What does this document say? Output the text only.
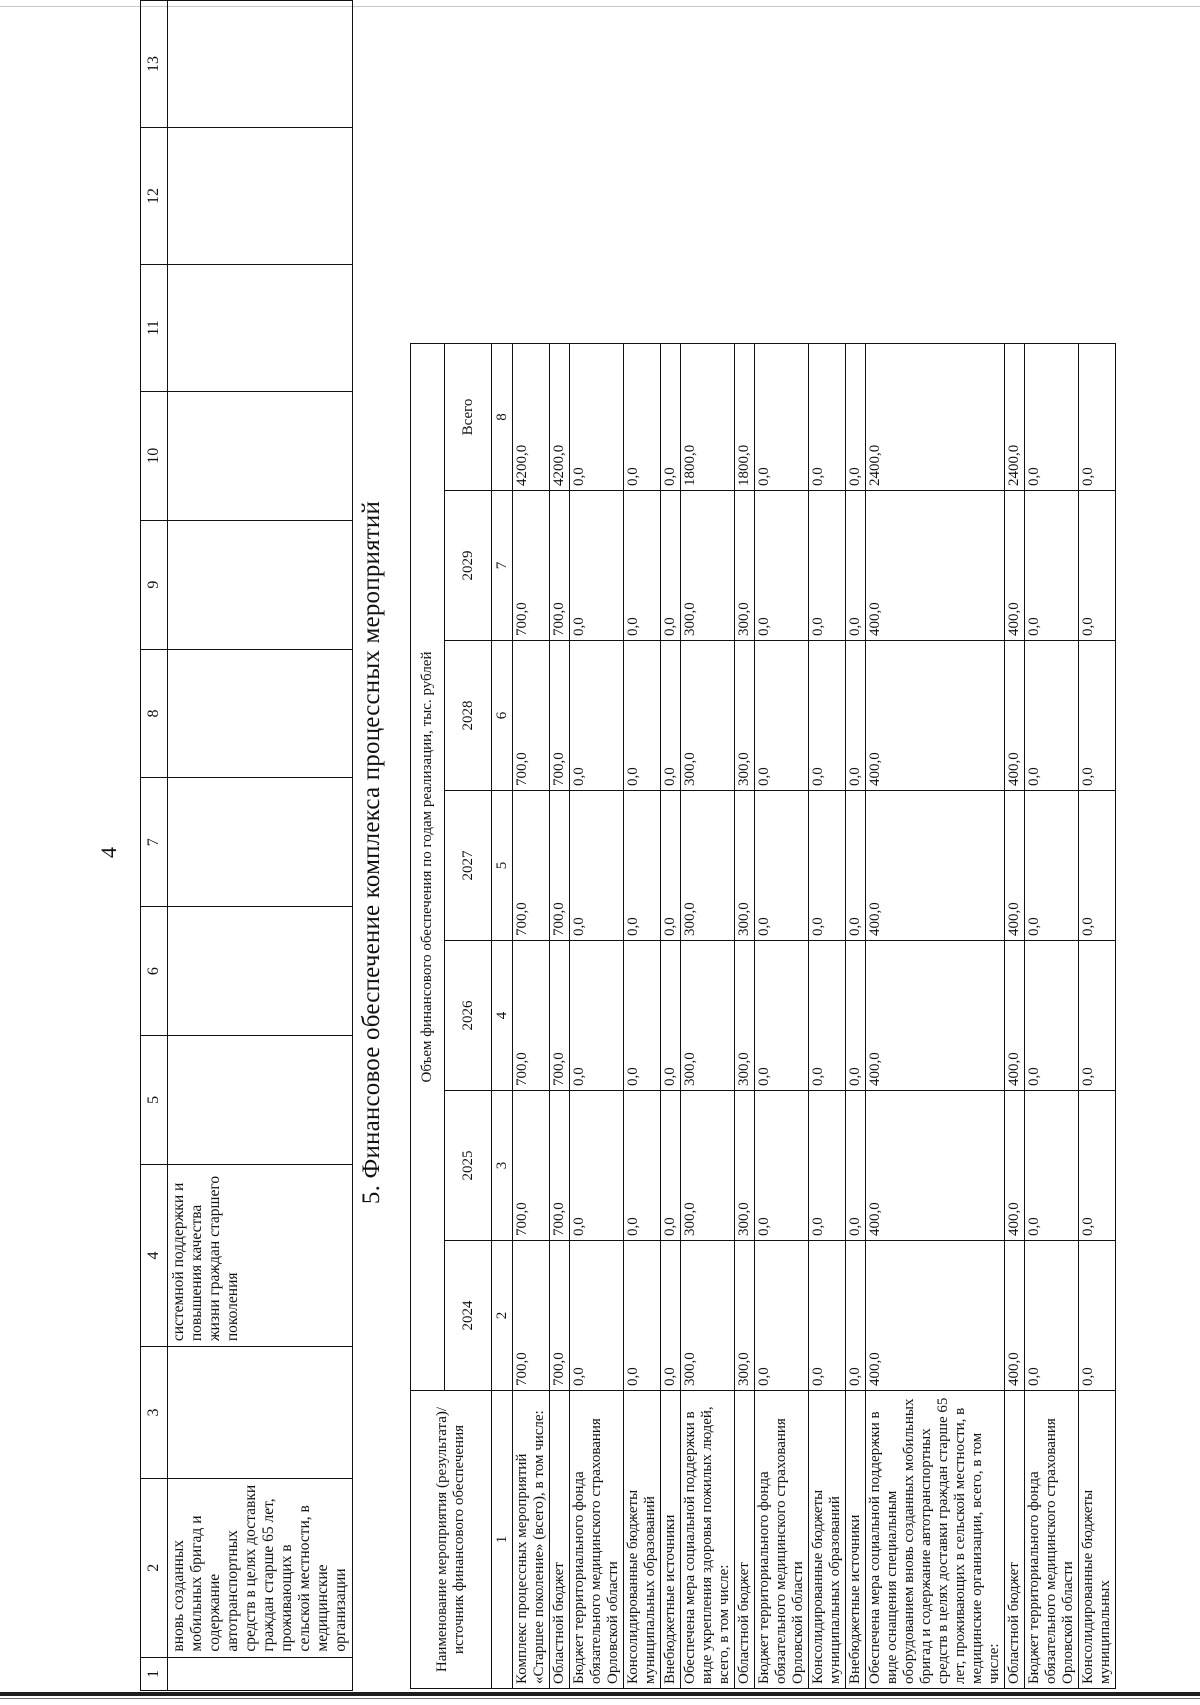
4
1	2	3	4	5	6	7	8	9	10	11	12	13
	вновь созданных мобильных бригад и содержание автотранспортных средств в целях доставки граждан старше 65 лет, проживающих в сельской местности, в медицинские организации		системной поддержки и повышения качества жизни граждан старшего поколения									
5. Финансовое обеспечение комплекса процессных мероприятий
Наименование мероприятия (результата)/источник финансового обеспечения	Объем финансового обеспечения по годам реализации, тыс. рублей						
	2024	2025	2026	2027	2028	2029	Всего
1	2	3	4	5	6	7	8
Комплекс процессных мероприятий «Старшее поколение» (всего), в том числе:	700,0	700,0	700,0	700,0	700,0	700,0	4200,0
Областной бюджет	700,0	700,0	700,0	700,0	700,0	700,0	4200,0
Бюджет территориального фонда обязательного медицинского страхования Орловской области	0,0	0,0	0,0	0,0	0,0	0,0	0,0
Консолидированные бюджеты муниципальных образований	0,0	0,0	0,0	0,0	0,0	0,0	0,0
Внебюджетные источники	0,0	0,0	0,0	0,0	0,0	0,0	0,0
Обеспечена мера социальной поддержки в виде укрепления здоровья пожилых людей, всего, в том числе:	300,0	300,0	300,0	300,0	300,0	300,0	1800,0
Областной бюджет	300,0	300,0	300,0	300,0	300,0	300,0	1800,0
Бюджет территориального фонда обязательного медицинского страхования Орловской области	0,0	0,0	0,0	0,0	0,0	0,0	0,0
Консолидированные бюджеты муниципальных образований	0,0	0,0	0,0	0,0	0,0	0,0	0,0
Внебюджетные источники	0,0	0,0	0,0	0,0	0,0	0,0	0,0
Обеспечена мера социальной поддержки в виде оснащения специальным оборудованием вновь созданных мобильных бригад и содержание автотранспортных средств в целях доставки граждан старше 65 лет, проживающих в сельской местности, в медицинские организации, всего, в том числе:	400,0	400,0	400,0	400,0	400,0	400,0	2400,0
Областной бюджет	400,0	400,0	400,0	400,0	400,0	400,0	2400,0
Бюджет территориального фонда обязательного медицинского страхования Орловской области	0,0	0,0	0,0	0,0	0,0	0,0	0,0
Консолидированные бюджеты муниципальных	0,0	0,0	0,0	0,0	0,0	0,0	0,0
